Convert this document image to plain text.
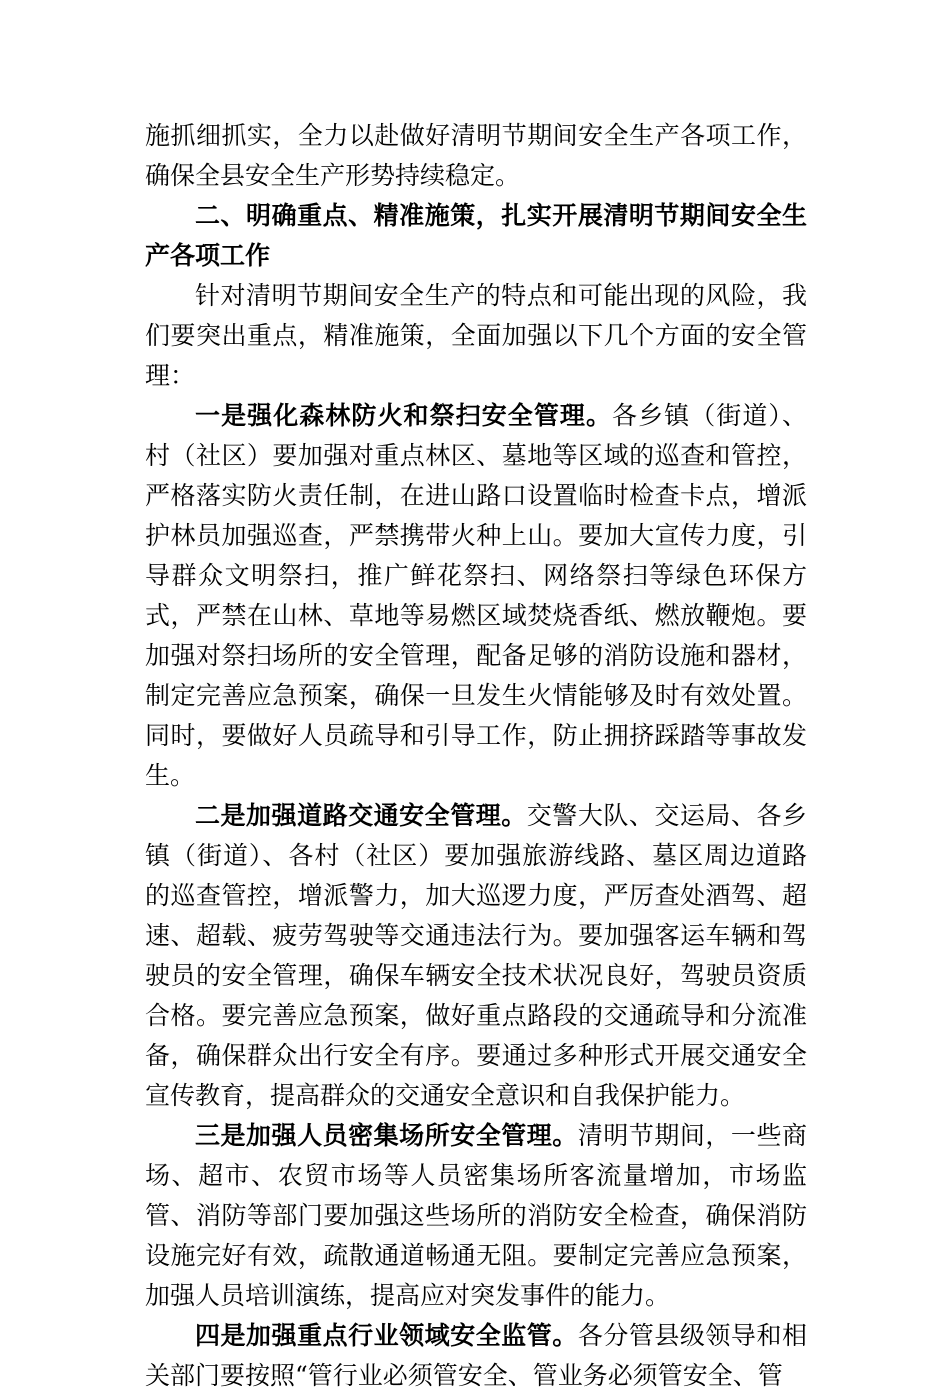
施抓细抓实，全力以赴做好清明节期间安全生产各项工作，确保全县安全生产形势持续稳定。

二、明确重点、精准施策，扎实开展清明节期间安全生产各项工作

针对清明节期间安全生产的特点和可能出现的风险，我们要突出重点，精准施策，全面加强以下几个方面的安全管理：

一是强化森林防火和祭扫安全管理。各乡镇（街道）、村（社区）要加强对重点林区、墓地等区域的巡查和管控，严格落实防火责任制，在进山路口设置临时检查卡点，增派护林员加强巡查，严禁携带火种上山。要加大宣传力度，引导群众文明祭扫，推广鲜花祭扫、网络祭扫等绿色环保方式，严禁在山林、草地等易燃区域焚烧香纸、燃放鞭炮。要加强对祭扫场所的安全管理，配备足够的消防设施和器材，制定完善应急预案，确保一旦发生火情能够及时有效处置。同时，要做好人员疏导和引导工作，防止拥挤踩踏等事故发生。

二是加强道路交通安全管理。交警大队、交运局、各乡镇（街道）、各村（社区）要加强旅游线路、墓区周边道路的巡查管控，增派警力，加大巡逻力度，严厉查处酒驾、超速、超载、疲劳驾驶等交通违法行为。要加强客运车辆和驾驶员的安全管理，确保车辆安全技术状况良好，驾驶员资质合格。要完善应急预案，做好重点路段的交通疏导和分流准备，确保群众出行安全有序。要通过多种形式开展交通安全宣传教育，提高群众的交通安全意识和自我保护能力。

三是加强人员密集场所安全管理。清明节期间，一些商场、超市、农贸市场等人员密集场所客流量增加，市场监管、消防等部门要加强这些场所的消防安全检查，确保消防设施完好有效，疏散通道畅通无阻。要制定完善应急预案，加强人员培训演练，提高应对突发事件的能力。

四是加强重点行业领域安全监管。各分管县级领导和相关部门要按照“管行业必须管安全、管业务必须管安全、管
